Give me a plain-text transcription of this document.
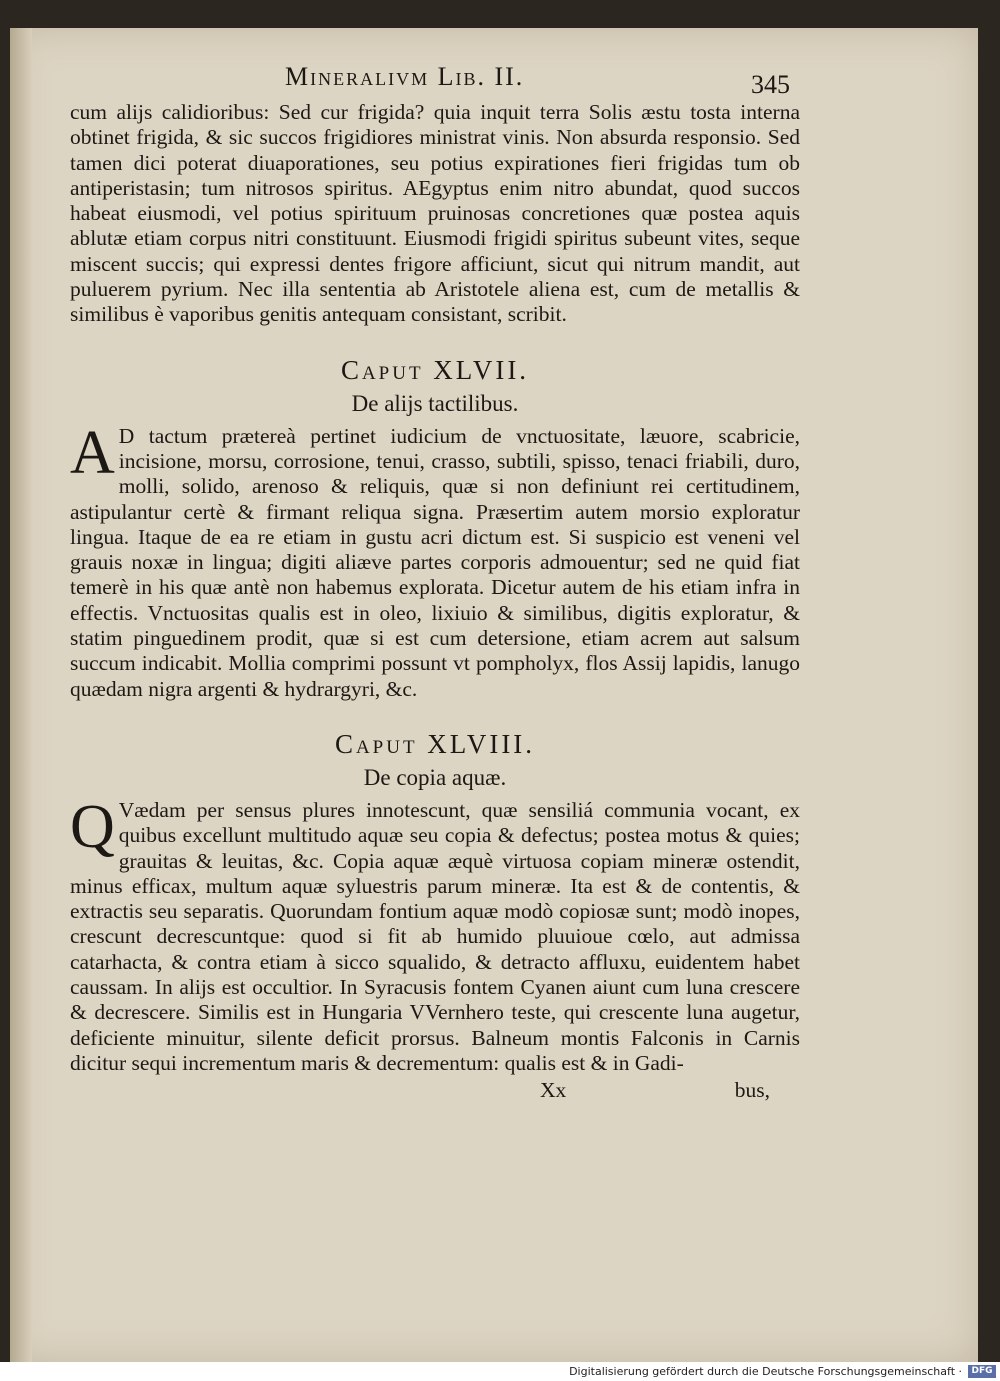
Mineralivm Lib. II.	345

cum alijs calidioribus: Sed cur frigida? quia inquit terra Solis æstu tosta interna obtinet frigida, & sic succos frigidiores ministrat vinis. Non absurda responsio. Sed tamen dici poterat diuaporationes, seu potius expirationes fieri frigidas tum ob antiperistasin; tum nitrosos spiritus. AEgyptus enim nitro abundat, quod succos habeat eiusmodi, vel potius spirituum pruinosas concretiones quæ postea aquis ablutæ etiam corpus nitri constituunt. Eiusmodi frigidi spiritus subeunt vites, seque miscent succis; qui expressi dentes frigore afficiunt, sicut qui nitrum mandit, aut puluerem pyrium. Nec illa sententia ab Aristotele aliena est, cum de metallis & similibus è vaporibus genitis antequam consistant, scribit.

Caput XLVII.
De alijs tactilibus.

A D tactum prætereà pertinet iudicium de vnctuositate, læuore, scabricie, incisione, morsu, corrosione, tenui, crasso, subtili, spisso, tenaci friabili, duro, molli, solido, arenoso & reliquis, quæ si non definiunt rei certitudinem, astipulantur certè & firmant reliqua signa. Præsertim autem morsio exploratur lingua. Itaque de ea re etiam in gustu acri dictum est. Si suspicio est veneni vel grauis noxæ in lingua; digiti aliæve partes corporis admouentur; sed ne quid fiat temerè in his quæ antè non habemus explorata. Dicetur autem de his etiam infra in effectis. Vnctuositas qualis est in oleo, lixiuio & similibus, digitis exploratur, & statim pinguedinem prodit, quæ si est cum detersione, etiam acrem aut salsum succum indicabit. Mollia comprimi possunt vt pompholyx, flos Assij lapidis, lanugo quædam nigra argenti & hydrargyri, &c.

Caput XLVIII.
De copia aquæ.

Q Vædam per sensus plures innotescunt, quæ sensiliá communia vocant, ex quibus excellunt multitudo aquæ seu copia & defectus; postea motus & quies; grauitas & leuitas, &c. Copia aquæ æquè virtuosa copiam mineræ ostendit, minus efficax, multum aquæ syluestris parum mineræ. Ita est & de contentis, & extractis seu separatis. Quorundam fontium aquæ modò copiosæ sunt; modò inopes, crescunt decrescuntque: quod si fit ab humido pluuioue cœlo, aut admissa catarhacta, & contra etiam à sicco squalido, & detracto affluxu, euidentem habet caussam. In alijs est occultior. In Syracusis fontem Cyanen aiunt cum luna crescere & decrescere. Similis est in Hungaria VVernhero teste, qui crescente luna augetur, deficiente minuitur, silente deficit prorsus. Balneum montis Falconis in Carnis dicitur sequi incrementum maris & decrementum: qualis est & in Gadi-

Xx	bus,
Digitalisierung gefördert durch die Deutsche Forschungsgemeinschaft ·	DFG
